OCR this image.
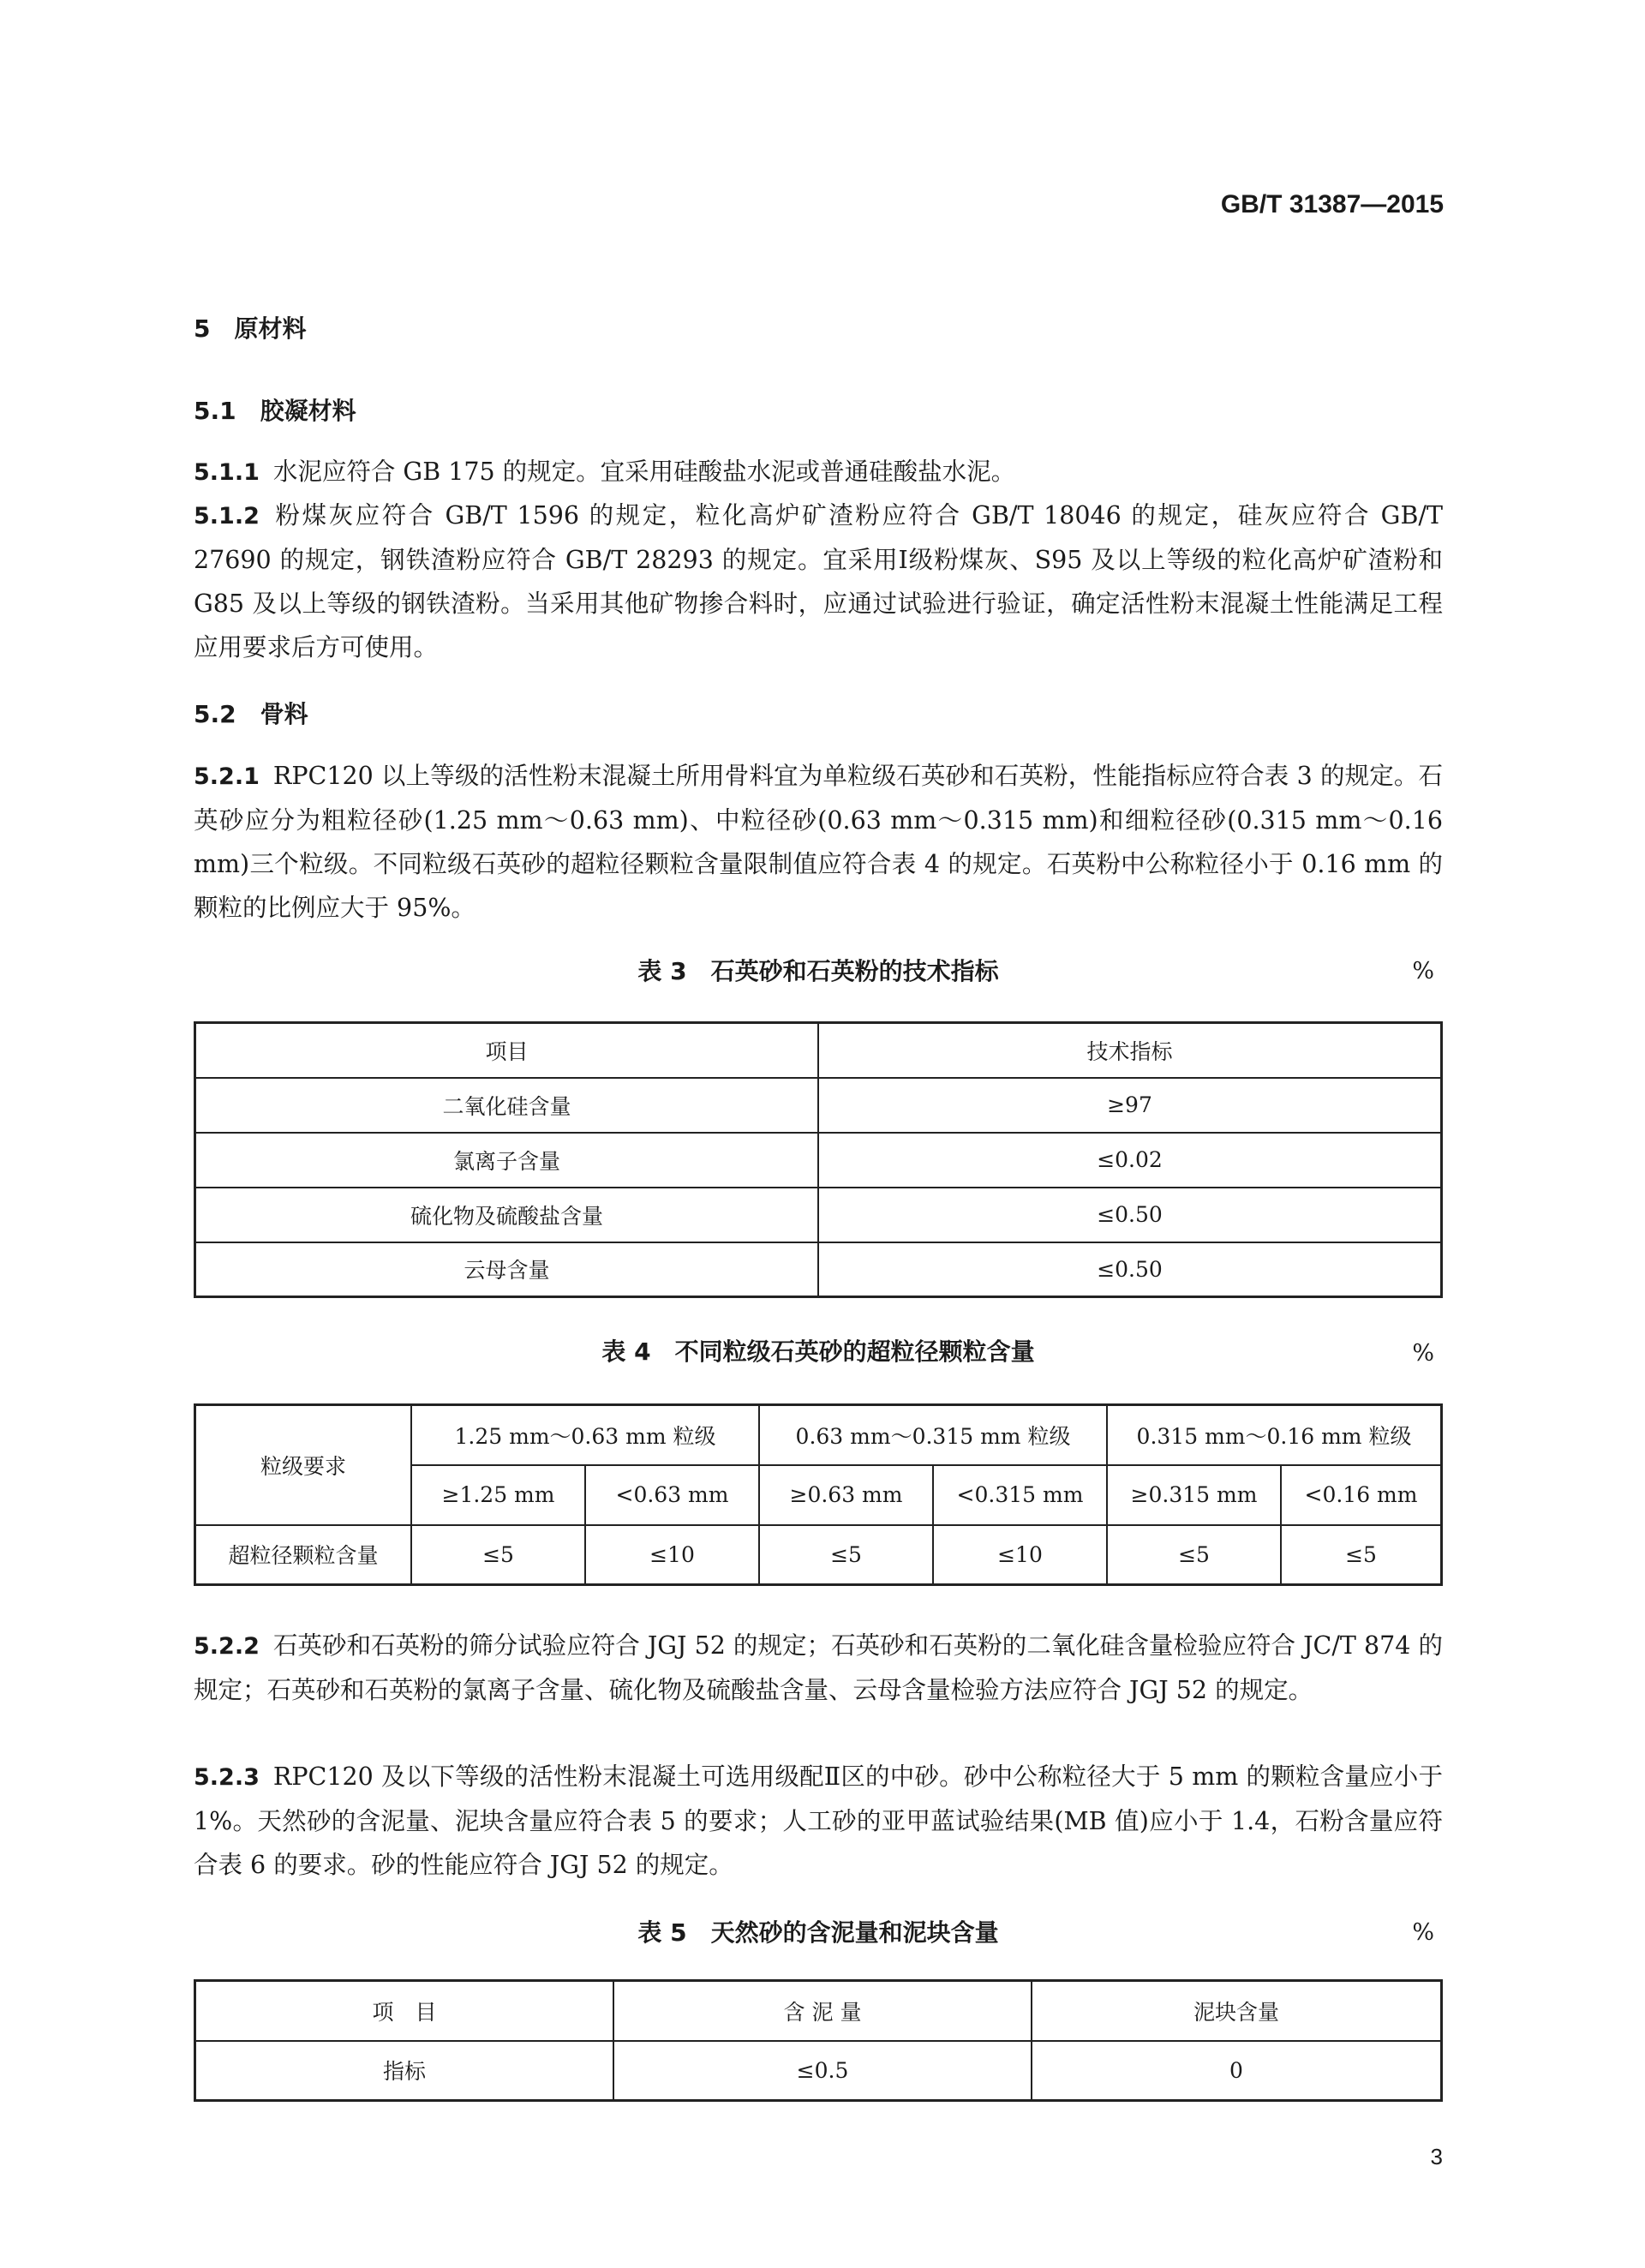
GB/T 31387—2015
5　原材料
5.1　胶凝材料
5.1.1 水泥应符合 GB 175 的规定。宜采用硅酸盐水泥或普通硅酸盐水泥。
5.1.2 粉煤灰应符合 GB/T 1596 的规定，粒化高炉矿渣粉应符合 GB/T 18046 的规定，硅灰应符合 GB/T 27690 的规定，钢铁渣粉应符合 GB/T 28293 的规定。宜采用Ⅰ级粉煤灰、S95 及以上等级的粒化高炉矿渣粉和 G85 及以上等级的钢铁渣粉。当采用其他矿物掺合料时，应通过试验进行验证，确定活性粉末混凝土性能满足工程应用要求后方可使用。
5.2　骨料
5.2.1 RPC120 以上等级的活性粉末混凝土所用骨料宜为单粒级石英砂和石英粉，性能指标应符合表 3 的规定。石英砂应分为粗粒径砂(1.25 mm～0.63 mm)、中粒径砂(0.63 mm～0.315 mm)和细粒径砂(0.315 mm～0.16 mm)三个粒级。不同粒级石英砂的超粒径颗粒含量限制值应符合表 4 的规定。石英粉中公称粒径小于 0.16 mm 的颗粒的比例应大于 95%。
表 3　石英砂和石英粉的技术指标	%
项目	技术指标
二氧化硅含量	≥97
氯离子含量	≤0.02
硫化物及硫酸盐含量	≤0.50
云母含量	≤0.50
表 4　不同粒级石英砂的超粒径颗粒含量	%
粒级要求	1.25 mm～0.63 mm 粒级		0.63 mm～0.315 mm 粒级		0.315 mm～0.16 mm 粒级	
	≥1.25 mm	<0.63 mm	≥0.63 mm	<0.315 mm	≥0.315 mm	<0.16 mm
超粒径颗粒含量	≤5	≤10	≤5	≤10	≤5	≤5
5.2.2 石英砂和石英粉的筛分试验应符合 JGJ 52 的规定；石英砂和石英粉的二氧化硅含量检验应符合 JC/T 874 的规定；石英砂和石英粉的氯离子含量、硫化物及硫酸盐含量、云母含量检验方法应符合 JGJ 52 的规定。
5.2.3 RPC120 及以下等级的活性粉末混凝土可选用级配Ⅱ区的中砂。砂中公称粒径大于 5 mm 的颗粒含量应小于 1%。天然砂的含泥量、泥块含量应符合表 5 的要求；人工砂的亚甲蓝试验结果(MB 值)应小于 1.4，石粉含量应符合表 6 的要求。砂的性能应符合 JGJ 52 的规定。
表 5　天然砂的含泥量和泥块含量	%
项　目	含 泥 量	泥块含量
指标	≤0.5	0
3
